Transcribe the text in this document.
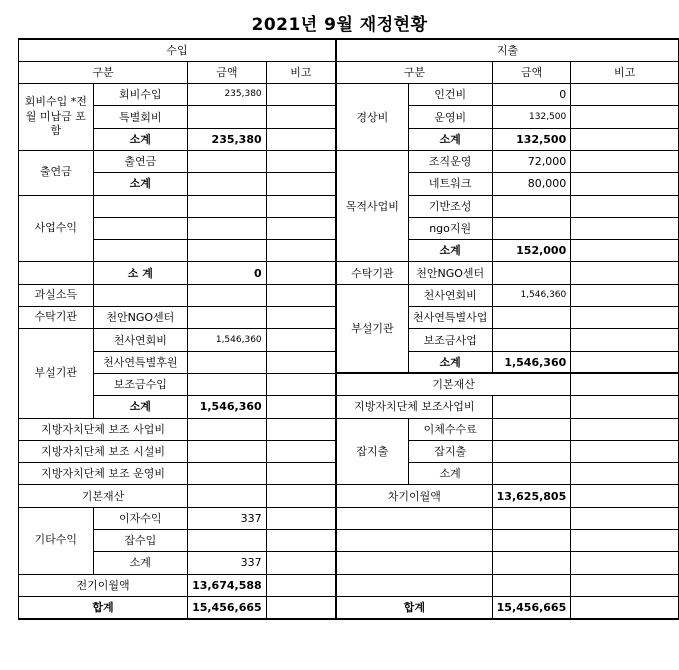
2021년 9월 재정현황
수입				지출			
구분		금액	비고	구분		금액	비고
회비수입 *전월 미납금 포함	회비수입	235,380		경상비	인건비	0	
	특별회비				운영비	132,500	
	소계	235,380			소계	132,500	
출연금	출연금			목적사업비	조직운영	72,000	
	소계				네트워크	80,000	
사업수익					기반조성		
					ngo지원		
					소계	152,000	
	소 계	0		수탁기관	천안NGO센터		
과실소득				부설기관	천사연회비	1,546,360	
수탁기관	천안NGO센터				천사연특별사업		
부설기관	천사연회비	1,546,360			보조금사업		
	천사연특별후원				소계	1,546,360	
	보조금수입			기본재산			
	소계	1,546,360		지방자치단체 보조사업비			
지방자치단체 보조 사업비				잡지출	이체수수료		
지방자치단체 보조 시설비					잡지출		
지방자치단체 보조 운영비					소계		
기본재산				차기이월액		13,625,805	
기타수익	이자수익	337					
	잡수입						
	소계	337					
전기이월액		13,674,588					
합계		15,456,665		합계		15,456,665	
